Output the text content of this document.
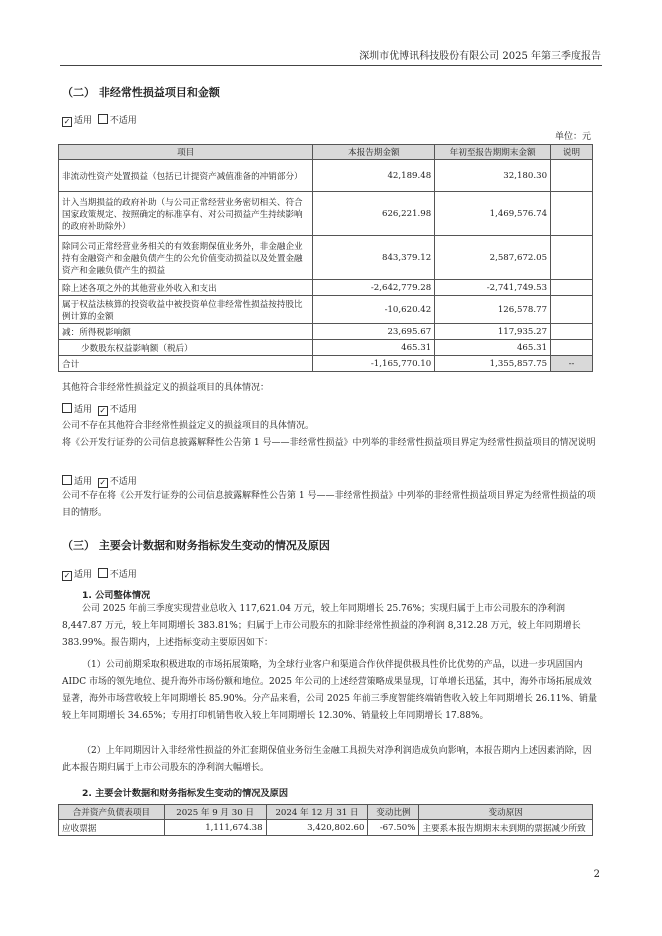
深圳市优博讯科技股份有限公司 2025 年第三季度报告
（二） 非经常性损益项目和金额
✓ 适用 不适用
单位：元
项目	本报告期金额	年初至报告期期末金额	说明
非流动性资产处置损益（包括已计提资产减值准备的冲销部分）	42,189.48	32,180.30	
计入当期损益的政府补助（与公司正常经营业务密切相关、符合国家政策规定、按照确定的标准享有、对公司损益产生持续影响的政府补助除外）	626,221.98	1,469,576.74	
除同公司正常经营业务相关的有效套期保值业务外，非金融企业持有金融资产和金融负债产生的公允价值变动损益以及处置金融资产和金融负债产生的损益	843,379.12	2,587,672.05	
除上述各项之外的其他营业外收入和支出	-2,642,779.28	-2,741,749.53	
属于权益法核算的投资收益中被投资单位非经常性损益按持股比例计算的金额	-10,620.42	126,578.77	
减：所得税影响额	23,695.67	117,935.27	
少数股东权益影响额（税后）	465.31	465.31	
合计	-1,165,770.10	1,355,857.75	--
其他符合非经常性损益定义的损益项目的具体情况：
适用 ✓ 不适用
公司不存在其他符合非经常性损益定义的损益项目的具体情况。
将《公开发行证券的公司信息披露解释性公告第 1 号——非经常性损益》中列举的非经常性损益项目界定为经常性损益项目的情况说明
适用 ✓ 不适用
公司不存在将《公开发行证券的公司信息披露解释性公告第 1 号——非经常性损益》中列举的非经常性损益项目界定为经常性损益的项目的情形。
（三） 主要会计数据和财务指标发生变动的情况及原因
✓ 适用 不适用
1. 公司整体情况
公司 2025 年前三季度实现营业总收入 117,621.04 万元，较上年同期增长 25.76%；实现归属于上市公司股东的净利润 8,447.87 万元，较上年同期增长 383.81%；归属于上市公司股东的扣除非经常性损益的净利润 8,312.28 万元，较上年同期增长 383.99%。报告期内，上述指标变动主要原因如下：
（1）公司前期采取积极进取的市场拓展策略，为全球行业客户和渠道合作伙伴提供极具性价比优势的产品，以进一步巩固国内 AIDC 市场的领先地位、提升海外市场份额和地位。2025 年公司的上述经营策略成果显现，订单增长迅猛，其中，海外市场拓展成效显著，海外市场营收较上年同期增长 85.90%。分产品来看，公司 2025 年前三季度智能终端销售收入较上年同期增长 26.11%、销量较上年同期增长 34.65%；专用打印机销售收入较上年同期增长 12.30%、销量较上年同期增长 17.88%。
（2）上年同期因计入非经常性损益的外汇套期保值业务衍生金融工具损失对净利润造成负向影响，本报告期内上述因素消除，因此本报告期归属于上市公司股东的净利润大幅增长。
2. 主要会计数据和财务指标发生变动的情况及原因
合并资产负债表项目	2025 年 9 月 30 日	2024 年 12 月 31 日	变动比例	变动原因
应收票据	1,111,674.38	3,420,802.60	-67.50%	主要系本报告期期末未到期的票据减少所致
2
